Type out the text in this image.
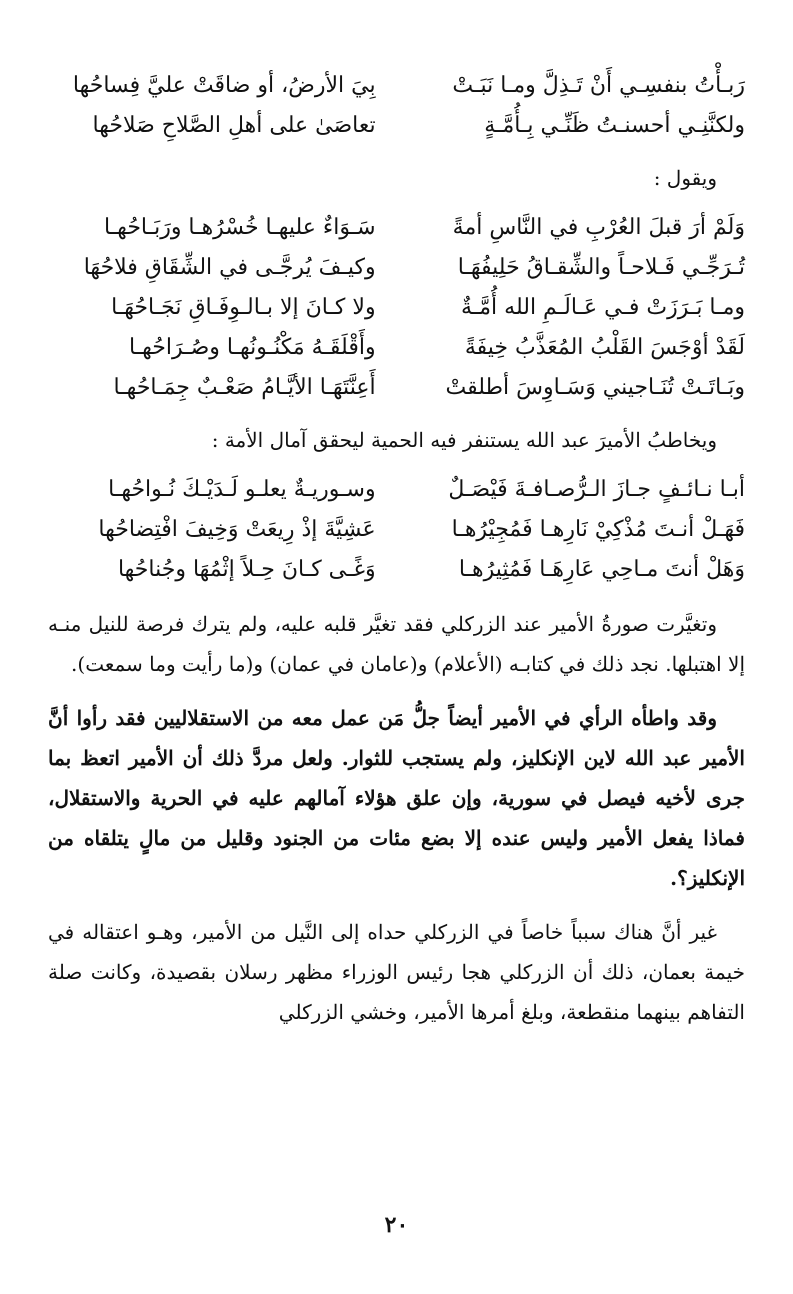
رَبـأْتُ بنفسِـي أَنْ تَـذِلَّ ومـا نَبَـتْ
بِيَ الأرضُ، أو ضاقَتْ عليَّ فِساحُها
ولكنَّنِـي أحسنـتُ ظَنِّـي بِـأُمَّـةٍ
تعاصَىٰ على أهلِ الصَّلاحِ صَلاحُها
ويقول :
وَلَمْ أرَ قبلَ العُرْبِ في النَّاسِ أمةً
سَـوَاءٌ عليهـا خُسْرُهـا ورَبَـاحُهـا
تُـرَجِّـي فَـلاحـاً والشِّقـاقُ حَلِيفُهَـا
وكيـفَ يُرجَّـى في الشِّقَاقِ فلاحُهَا
ومـا بَـرَزَتْ فـي عَـالَـمِ الله أُمَّـةٌ
ولا كـانَ إلا بـالـوِفَـاقِ نَجَـاحُهَـا
لَقَدْ أوْجَسَ القَلْبُ المُعَذَّبُ خِيفَةً
وأَقْلَقَـهُ مَكْنُـونُهـا وصُـرَاحُهـا
وبَـاتَـتْ تُنَـاجيني وَسَـاوِسَ أطلقتْ
أَعِنَّتَهَـا الأيَّـامُ صَعْـبٌ جِمَـاحُهـا
ويخاطبُ الأميرَ عبد الله يستنفر فيه الحمية ليحقق آمال الأمة :
أبـا نـائـفٍ جـازَ الـرُّصـافـةَ فَيْصَـلٌ
وسـوريـةٌ يعلـو لَـدَيْـكَ نُـواحُهـا
فَهَـلْ أنـتَ مُذْكِيْ نَارِهـا فَمُجِيْرُهـا
عَشِيَّةَ إذْ رِيعَتْ وَخِيفَ افْتِضاحُها
وَهَلْ أنتَ مـاحِي عَارِهَـا فَمُثِيرُهـا
وَغًـى كـانَ حِـلاً إثْمُهَا وجُناحُها

وتغيَّرت صورةُ الأمير عند الزركلي فقد تغيَّر قلبه عليه، ولم يترك فرصة للنيل منـه إلا اهتبلها. نجد ذلك في كتابـه (الأعلام) و(عامان في عمان) و(ما رأيت وما سمعت).

وقد واطأه الرأي في الأمير أيضاً جلُّ مَن عمل معه من الاستقلاليين فقد رأوا أنَّ الأمير عبد الله لاين الإنكليز، ولم يستجب للثوار. ولعل مردَّ ذلك أن الأمير اتعظ بما جرى لأخيه فيصل في سورية، وإن علق هؤلاء آمالهم عليه في الحرية والاستقلال، فماذا يفعل الأمير وليس عنده إلا بضع مئات من الجنود وقليل من مالٍ يتلقاه من الإنكليز؟.

غير أنَّ هناك سبباً خاصاً في الزركلي حداه إلى النَّيل من الأمير، وهـو اعتقاله في خيمة بعمان، ذلك أن الزركلي هجا رئيس الوزراء مظهر رسلان بقصيدة، وكانت صلة التفاهم بينهما منقطعة، وبلغ أمرها الأمير، وخشي الزركلي

٢٠
